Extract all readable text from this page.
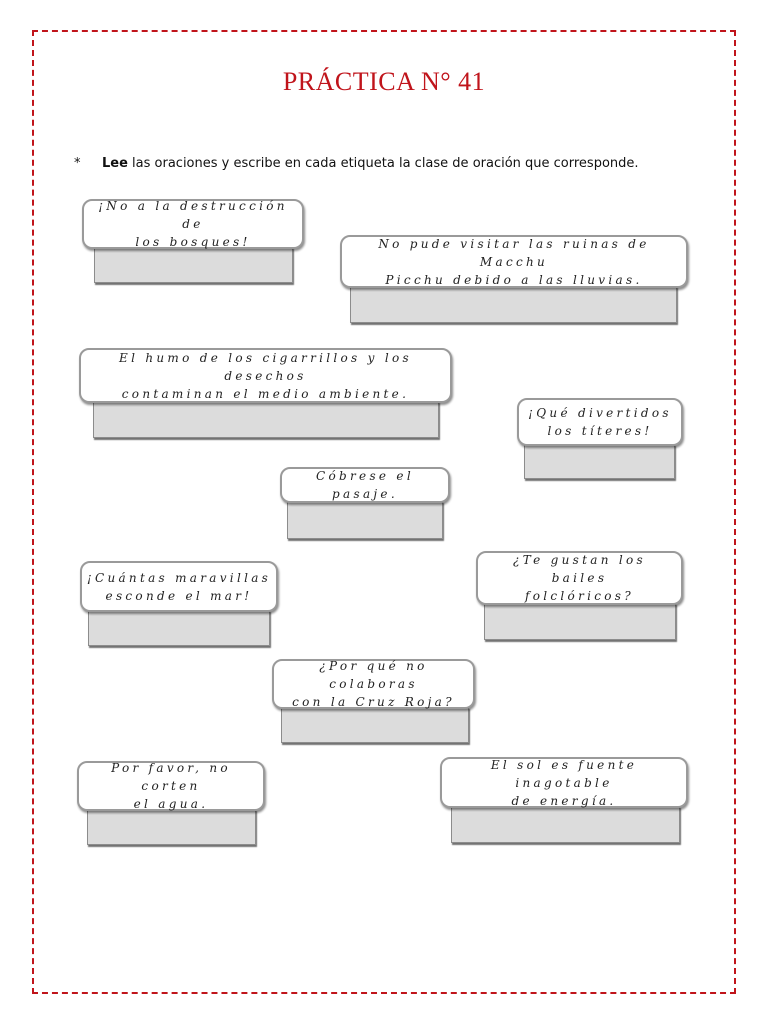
PRÁCTICA N° 41
* Lee las oraciones y escribe en cada etiqueta la clase de oración que corresponde.
¡No a la destrucción de
los bosques!	No pude visitar las ruinas de Macchu
Picchu debido a las lluvias.
El humo de los cigarrillos y los desechos
contaminan el medio ambiente.
¡Qué divertidos
los títeres!
Cóbrese el pasaje.
¡Cuántas maravillas
esconde el mar!
¿Te gustan los bailes
folclóricos?
¿Por qué no colaboras
con la Cruz Roja?
Por favor, no corten
el agua.
El sol es fuente inagotable
de energía.
